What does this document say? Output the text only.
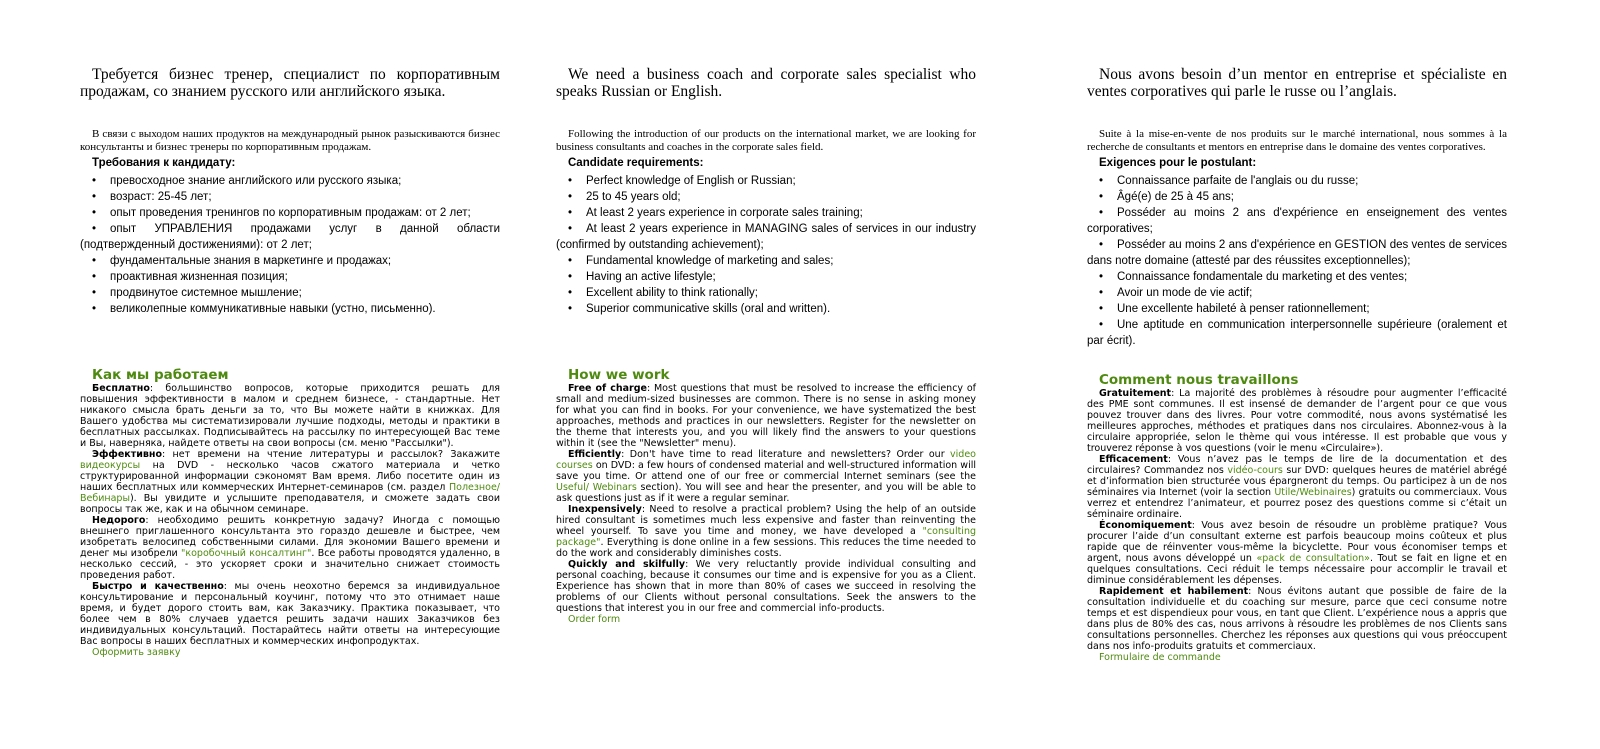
Требуется бизнес тренер, специалист по корпоративным продажам, со знанием русского или английского языка.
В связи с выходом наших продуктов на международный рынок разыскиваются бизнес консультанты и бизнес тренеры по корпоративным продажам.
Требования к кандидату:
• превосходное знание английского или русского языка;
• возраст: 25-45 лет;
• опыт проведения тренингов по корпоративным продажам: от 2 лет;
• опыт УПРАВЛЕНИЯ продажами услуг в данной области (подтвержденный достижениями): от 2 лет;
• фундаментальные знания в маркетинге и продажах;
• проактивная жизненная позиция;
• продвинутое системное мышление;
• великолепные коммуникативные навыки (устно, письменно).
Как мы работаем

Бесплатно: большинство вопросов, которые приходится решать для повышения эффективности в малом и среднем бизнесе, - стандартные. Нет никакого смысла брать деньги за то, что Вы можете найти в книжках. Для Вашего удобства мы систематизировали лучшие подходы, методы и практики в бесплатных рассылках. Подписывайтесь на рассылку по интересующей Вас теме и Вы, наверняка, найдете ответы на свои вопросы (см. меню "Рассылки").

Эффективно: нет времени на чтение литературы и рассылок? Закажите видеокурсы на DVD - несколько часов сжатого материала и четко структурированной информации сэкономят Вам время. Либо посетите один из наших бесплатных или коммерческих Интернет-семинаров (см. раздел Полезное/Вебинары). Вы увидите и услышите преподавателя, и сможете задать свои вопросы так же, как и на обычном семинаре.

Недорого: необходимо решить конкретную задачу? Иногда с помощью внешнего приглашенного консультанта это гораздо дешевле и быстрее, чем изобретать велосипед собственными силами. Для экономии Вашего времени и денег мы изобрели "коробочный консалтинг". Все работы проводятся удаленно, в несколько сессий, - это ускоряет сроки и значительно снижает стоимость проведения работ.

Быстро и качественно: мы очень неохотно беремся за индивидуальное консультирование и персональный коучинг, потому что это отнимает наше время, и будет дорого стоить вам, как Заказчику. Практика показывает, что более чем в 80% случаев удается решить задачи наших Заказчиков без индивидуальных консультаций. Постарайтесь найти ответы на интересующие Вас вопросы в наших бесплатных и коммерческих инфопродуктах.

Оформить заявку
We need a business coach and corporate sales specialist who speaks Russian or English.
Following the introduction of our products on the international market, we are looking for business consultants and coaches in the corporate sales field.
Candidate requirements:
• Perfect knowledge of English or Russian;
• 25 to 45 years old;
• At least 2 years experience in corporate sales training;
• At least 2 years experience in MANAGING sales of services in our industry (confirmed by outstanding achievement);
• Fundamental knowledge of marketing and sales;
• Having an active lifestyle;
• Excellent ability to think rationally;
• Superior communicative skills (oral and written).
How we work

Free of charge: Most questions that must be resolved to increase the efficiency of small and medium-sized businesses are common. There is no sense in asking money for what you can find in books. For your convenience, we have systematized the best approaches, methods and practices in our newsletters. Register for the newsletter on the theme that interests you, and you will likely find the answers to your questions within it (see the "Newsletter" menu).

Efficiently: Don't have time to read literature and newsletters? Order our video courses on DVD: a few hours of condensed material and well-structured information will save you time. Or attend one of our free or commercial Internet seminars (see the Useful/ Webinars section). You will see and hear the presenter, and you will be able to ask questions just as if it were a regular seminar.

Inexpensively: Need to resolve a practical problem? Using the help of an outside hired consultant is sometimes much less expensive and faster than reinventing the wheel yourself. To save you time and money, we have developed a "consulting package". Everything is done online in a few sessions. This reduces the time needed to do the work and considerably diminishes costs.

Quickly and skilfully: We very reluctantly provide individual consulting and personal coaching, because it consumes our time and is expensive for you as a Client. Experience has shown that in more than 80% of cases we succeed in resolving the problems of our Clients without personal consultations. Seek the answers to the questions that interest you in our free and commercial info-products.

Order form
Nous avons besoin d’un mentor en entreprise et spécialiste en ventes corporatives qui parle le russe ou l’anglais.
Suite à la mise-en-vente de nos produits sur le marché international, nous sommes à la recherche de consultants et mentors en entreprise dans le domaine des ventes corporatives.
Exigences pour le postulant:
• Connaissance parfaite de l'anglais ou du russe;
• Âgé(e) de 25 à 45 ans;
• Posséder au moins 2 ans d'expérience en enseignement des ventes corporatives;
• Posséder au moins 2 ans d'expérience en GESTION des ventes de services dans notre domaine (attesté par des réussites exceptionnelles);
• Connaissance fondamentale du marketing et des ventes;
• Avoir un mode de vie actif;
• Une excellente habileté à penser rationnellement;
• Une aptitude en communication interpersonnelle supérieure (oralement et par écrit).
Comment nous travaillons

Gratuitement: La majorité des problèmes à résoudre pour augmenter l’efficacité des PME sont communes. Il est insensé de demander de l’argent pour ce que vous pouvez trouver dans des livres. Pour votre commodité, nous avons systématisé les meilleures approches, méthodes et pratiques dans nos circulaires. Abonnez-vous à la circulaire appropriée, selon le thème qui vous intéresse. Il est probable que vous y trouverez réponse à vos questions (voir le menu «Circulaire»).

Efficacement: Vous n’avez pas le temps de lire de la documentation et des circulaires? Commandez nos vidéo-cours sur DVD: quelques heures de matériel abrégé et d’information bien structurée vous épargneront du temps. Ou participez à un de nos séminaires via Internet (voir la section Utile/Webinaires) gratuits ou commerciaux. Vous verrez et entendrez l’animateur, et pourrez posez des questions comme si c’était un séminaire ordinaire.

Économiquement: Vous avez besoin de résoudre un problème pratique? Vous procurer l’aide d’un consultant externe est parfois beaucoup moins coûteux et plus rapide que de réinventer vous-même la bicyclette. Pour vous économiser temps et argent, nous avons développé un «pack de consultation». Tout se fait en ligne et en quelques consultations. Ceci réduit le temps nécessaire pour accomplir le travail et diminue considérablement les dépenses.

Rapidement et habilement: Nous évitons autant que possible de faire de la consultation individuelle et du coaching sur mesure, parce que ceci consume notre temps et est dispendieux pour vous, en tant que Client. L’expérience nous a appris que dans plus de 80% des cas, nous arrivons à résoudre les problèmes de nos Clients sans consultations personnelles. Cherchez les réponses aux questions qui vous préoccupent dans nos info-produits gratuits et commerciaux.

Formulaire de commande
